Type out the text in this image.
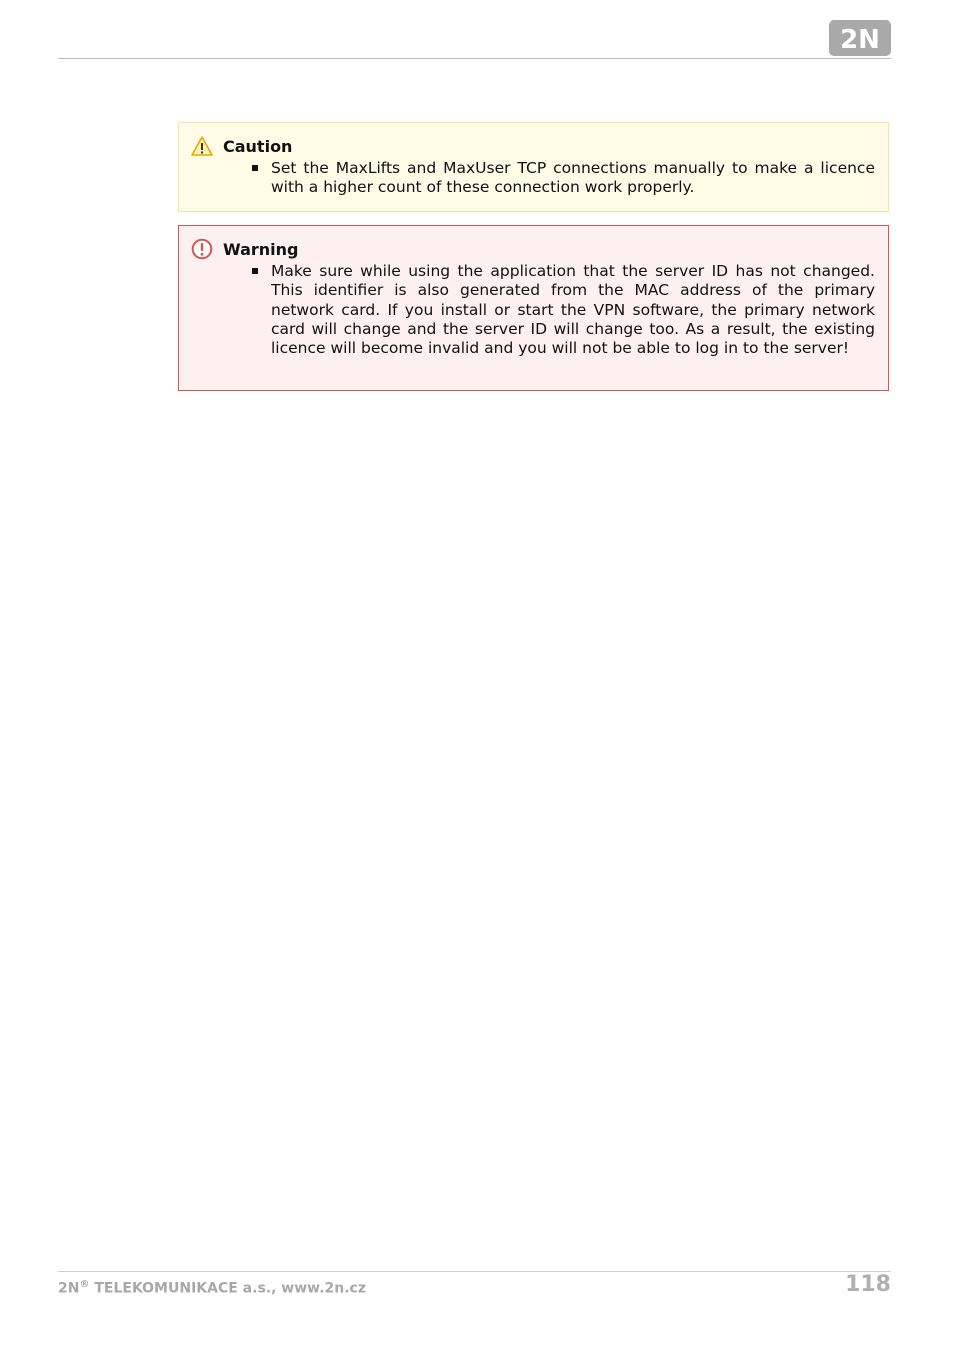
2N
Caution
Set the MaxLifts and MaxUser TCP connections manually to make a licence with a higher count of these connection work properly.
Warning
Make sure while using the application that the server ID has not changed. This identifier is also generated from the MAC address of the primary network card. If you install or start the VPN software, the primary network card will change and the server ID will change too. As a result, the existing licence will become invalid and you will not be able to log in to the server!
2N® TELEKOMUNIKACE a.s., www.2n.cz	118
